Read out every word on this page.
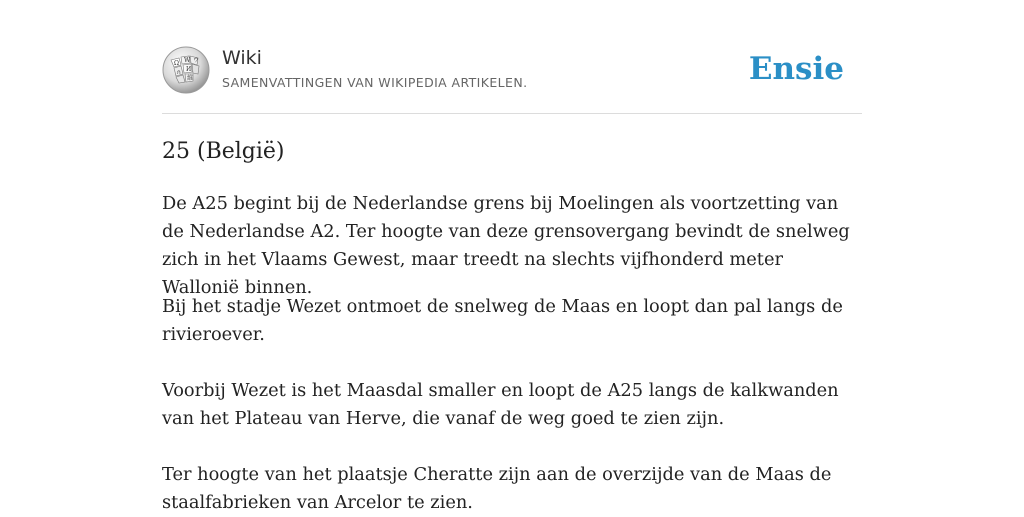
Ω W
И
ก
ウ
維
Wiki
SAMENVATTINGEN VAN WIKIPEDIA ARTIKELEN.	Ensie
25 (België)

De A25 begint bij de Nederlandse grens bij Moelingen als voortzetting van de Nederlandse A2. Ter hoogte van deze grensovergang bevindt de snelweg zich in het Vlaams Gewest, maar treedt na slechts vijfhonderd meter Wallonië binnen.

Bij het stadje Wezet ontmoet de snelweg de Maas en loopt dan pal langs de rivieroever.

Voorbij Wezet is het Maasdal smaller en loopt de A25 langs de kalkwanden van het Plateau van Herve, die vanaf de weg goed te zien zijn.

Ter hoogte van het plaatsje Cheratte zijn aan de overzijde van de Maas de staalfabrieken van Arcelor te zien.
